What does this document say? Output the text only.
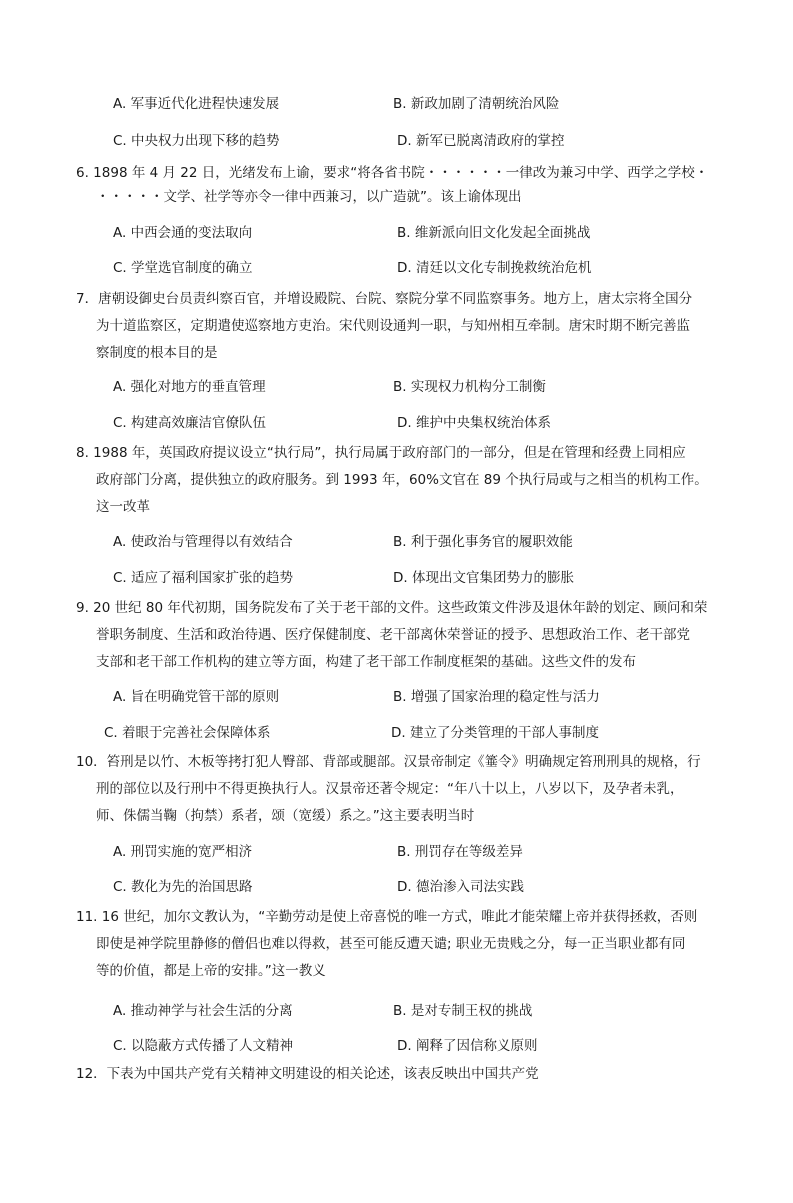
A. 军事近代化进程快速发展	B. 新政加剧了清朝统治风险
C. 中央权力出现下移的趋势	D. 新军已脱离清政府的掌控
6. 1898 年 4 月 22 日，光绪发布上谕，要求“将各省书院・・・・・・一律改为兼习中学、西学之学校・
・・・・・文学、社学等亦令一律中西兼习，以广造就”。该上谕体现出
A. 中西会通的变法取向	B. 维新派向旧文化发起全面挑战
C. 学堂选官制度的确立	D. 清廷以文化专制挽救统治危机
7．唐朝设御史台员责纠察百官，并增设殿院、台院、察院分掌不同监察事务。地方上，唐太宗将全国分
为十道监察区，定期遣使巡察地方吏治。宋代则设通判一职，与知州相互牵制。唐宋时期不断完善监
察制度的根本目的是
A. 强化对地方的垂直管理	B. 实现权力机构分工制衡
C. 构建高效廉洁官僚队伍	D. 维护中央集权统治体系
8. 1988 年，英国政府提议设立“执行局”，执行局属于政府部门的一部分，但是在管理和经费上同相应
政府部门分离，提供独立的政府服务。到 1993 年，60%文官在 89 个执行局或与之相当的机构工作。
这一改革
A. 使政治与管理得以有效结合	B. 利于强化事务官的履职效能
C. 适应了福利国家扩张的趋势	D. 体现出文官集团势力的膨胀
9. 20 世纪 80 年代初期，国务院发布了关于老干部的文件。这些政策文件涉及退休年龄的划定、顾问和荣
誉职务制度、生活和政治待遇、医疗保健制度、老干部离休荣誉证的授予、思想政治工作、老干部党
支部和老干部工作机构的建立等方面，构建了老干部工作制度框架的基础。这些文件的发布
A. 旨在明确党管干部的原则	B. 增强了国家治理的稳定性与活力
C. 着眼于完善社会保障体系	D. 建立了分类管理的干部人事制度
10．笞刑是以竹、木板等拷打犯人臀部、背部或腿部。汉景帝制定《箠令》明确规定笞刑刑具的规格，行
刑的部位以及行刑中不得更换执行人。汉景帝还著令规定：“年八十以上，八岁以下，及孕者未乳，
师、侏儒当鞠（拘禁）系者，颂（宽缓）系之。”这主要表明当时
A. 刑罚实施的宽严相济	B. 刑罚存在等级差异
C. 教化为先的治国思路	D. 德治渗入司法实践
11. 16 世纪，加尔文教认为，“辛勤劳动是使上帝喜悦的唯一方式，唯此才能荣耀上帝并获得拯救，否则
即使是神学院里静修的僧侣也难以得救，甚至可能反遭天谴; 职业无贵贱之分，每一正当职业都有同
等的价值，都是上帝的安排。”这一教义
A. 推动神学与社会生活的分离	B. 是对专制王权的挑战
C. 以隐蔽方式传播了人文精神	D. 阐释了因信称义原则
12．下表为中国共产党有关精神文明建设的相关论述，该表反映出中国共产党
